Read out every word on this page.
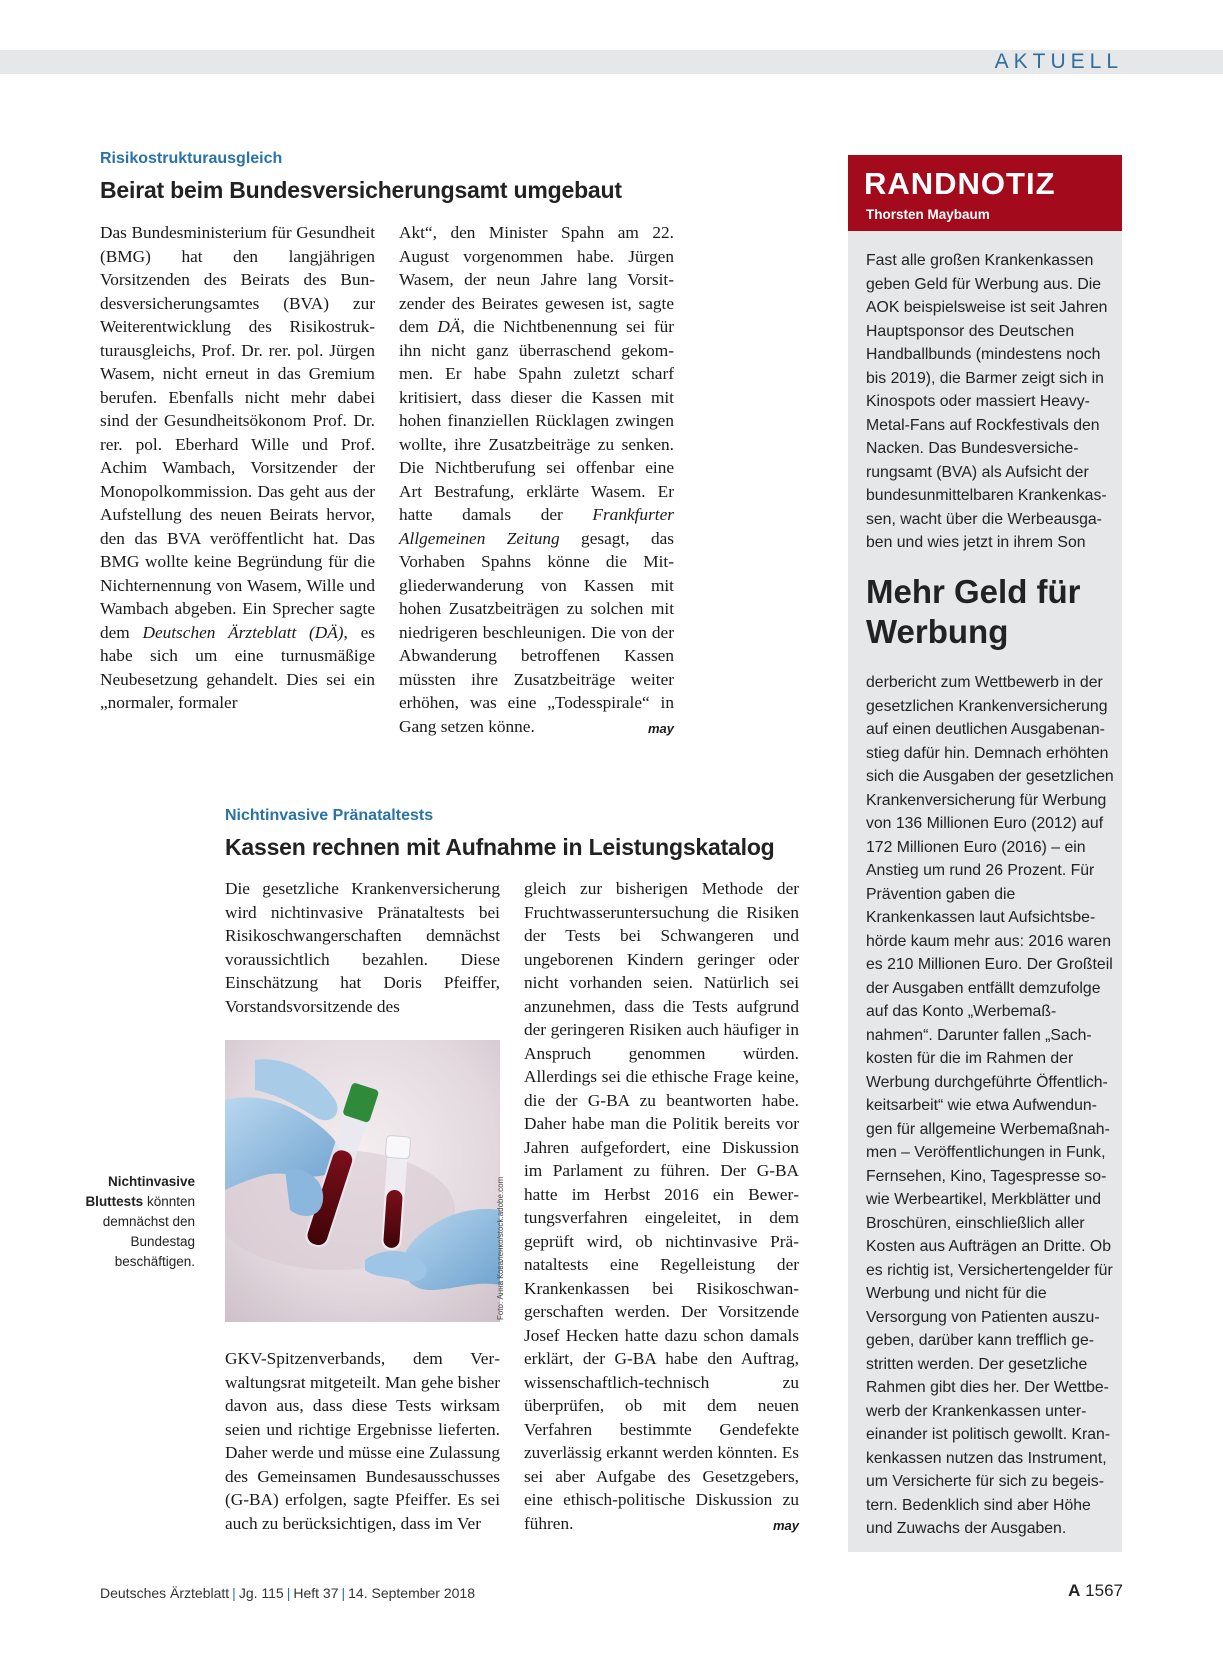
AKTUELL
Risikostrukturausgleich
Beirat beim Bundesversicherungsamt umgebaut
Das Bundesministerium für Gesundheit (BMG) hat den langjährigen Vorsitzenden des Beirats des Bundesversicherungsamtes (BVA) zur Weiterentwicklung des Risikostrukturausgleichs, Prof. Dr. rer. pol. Jürgen Wasem, nicht erneut in das Gremium berufen. Ebenfalls nicht mehr dabei sind der Gesundheitsökonom Prof. Dr. rer. pol. Eberhard Wille und Prof. Achim Wambach, Vorsitzender der Monopolkommission. Das geht aus der Aufstellung des neuen Beirats hervor, den das BVA veröffentlicht hat. Das BMG wollte keine Begründung für die Nichternennung von Wasem, Wille und Wambach abgeben. Ein Sprecher sagte dem Deutschen Ärzteblatt (DÄ), es habe sich um eine turnusmäßige Neubesetzung gehandelt. Dies sei ein „normaler, formaler
Akt“, den Minister Spahn am 22. August vorgenommen habe. Jürgen Wasem, der neun Jahre lang Vorsitzender des Beirates gewesen ist, sagte dem DÄ, die Nichtbenennung sei für ihn nicht ganz überraschend gekommen. Er habe Spahn zuletzt scharf kritisiert, dass dieser die Kassen mit hohen finanziellen Rücklagen zwingen wollte, ihre Zusatzbeiträge zu senken. Die Nichtberufung sei offenbar eine Art Bestrafung, erklärte Wasem. Er hatte damals der Frankfurter Allgemeinen Zeitung gesagt, das Vorhaben Spahns könne die Mitgliederwanderung von Kassen mit hohen Zusatzbeiträgen zu solchen mit niedrigeren beschleunigen. Die von der Abwanderung betroffenen Kassen müssten ihre Zusatzbeiträge weiter erhöhen, was eine „Todesspirale“ in Gang setzen könne.	may
Nichtinvasive Pränataltests
Kassen rechnen mit Aufnahme in Leistungskatalog
Die gesetzliche Krankenversicherung wird nichtinvasive Pränataltests bei Risikoschwangerschaften demnächst voraussichtlich bezahlen. Diese Einschätzung hat Doris Pfeiffer, Vorstandsvorsitzende des
Foto: Анна Коваленко/stock.adobe.com
Nichtinvasive Bluttests könnten demnächst den Bundestag beschäftigen.
GKV-Spitzenverbands, dem Verwaltungsrat mitgeteilt. Man gehe bisher davon aus, dass diese Tests wirksam seien und richtige Ergebnisse lieferten. Daher werde und müsse eine Zulassung des Gemeinsamen Bundesausschusses (G-BA) erfolgen, sagte Pfeiffer. Es sei auch zu berücksichtigen, dass im Ver
gleich zur bisherigen Methode der Fruchtwasseruntersuchung die Risiken der Tests bei Schwangeren und ungeborenen Kindern geringer oder nicht vorhanden seien. Natürlich sei anzunehmen, dass die Tests aufgrund der geringeren Risiken auch häufiger in Anspruch genommen würden. Allerdings sei die ethische Frage keine, die der G-BA zu beantworten habe. Daher habe man die Politik bereits vor Jahren aufgefordert, eine Diskussion im Parlament zu führen. Der G-BA hatte im Herbst 2016 ein Bewertungsverfahren eingeleitet, in dem geprüft wird, ob nichtinvasive Pränataltests eine Regelleistung der Krankenkassen bei Risikoschwangerschaften werden. Der Vorsitzende Josef Hecken hatte dazu schon damals erklärt, der G-BA habe den Auftrag, wissenschaftlich-technisch zu überprüfen, ob mit dem neuen Verfahren bestimmte Gendefekte zuverlässig erkannt werden könnten. Es sei aber Aufgabe des Gesetzgebers, eine ethisch-politische Diskussion zu führen.	may
RANDNOTIZ
Thorsten Maybaum
Fast alle großen Krankenkassen geben Geld für Werbung aus. Die AOK beispielsweise ist seit Jahren Hauptsponsor des Deutschen Handballbunds (mindestens noch bis 2019), die Barmer zeigt sich in Kinospots oder massiert Heavy-Metal-Fans auf Rockfestivals den Nacken. Das Bundesversicherungsamt (BVA) als Aufsicht der bundesunmittelbaren Krankenkassen, wacht über die Werbeausgaben und wies jetzt in ihrem Son
Mehr Geld für Werbung
derbericht zum Wettbewerb in der gesetzlichen Krankenversicherung auf einen deutlichen Ausgabenanstieg dafür hin. Demnach erhöhten sich die Ausgaben der gesetzlichen Krankenversicherung für Werbung von 136 Millionen Euro (2012) auf 172 Millionen Euro (2016) – ein Anstieg um rund 26 Prozent. Für Prävention gaben die Krankenkassen laut Aufsichtsbehörde kaum mehr aus: 2016 waren es 210 Millionen Euro. Der Großteil der Ausgaben entfällt demzufolge auf das Konto „Werbemaßnahmen“. Darunter fallen „Sachkosten für die im Rahmen der Werbung durchgeführte Öffentlichkeitsarbeit“ wie etwa Aufwendungen für allgemeine Werbemaßnahmen – Veröffentlichungen in Funk, Fernsehen, Kino, Tagespresse sowie Werbeartikel, Merkblätter und Broschüren, einschließlich aller Kosten aus Aufträgen an Dritte. Ob es richtig ist, Versichertengelder für Werbung und nicht für die Versorgung von Patienten auszugeben, darüber kann trefflich gestritten werden. Der gesetzliche Rahmen gibt dies her. Der Wettbewerb der Krankenkassen untereinander ist politisch gewollt. Krankenkassen nutzen das Instrument, um Versicherte für sich zu begeistern. Bedenklich sind aber Höhe und Zuwachs der Ausgaben.
Deutsches Ärzteblatt | Jg. 115 | Heft 37 | 14. September 2018	A 1567
